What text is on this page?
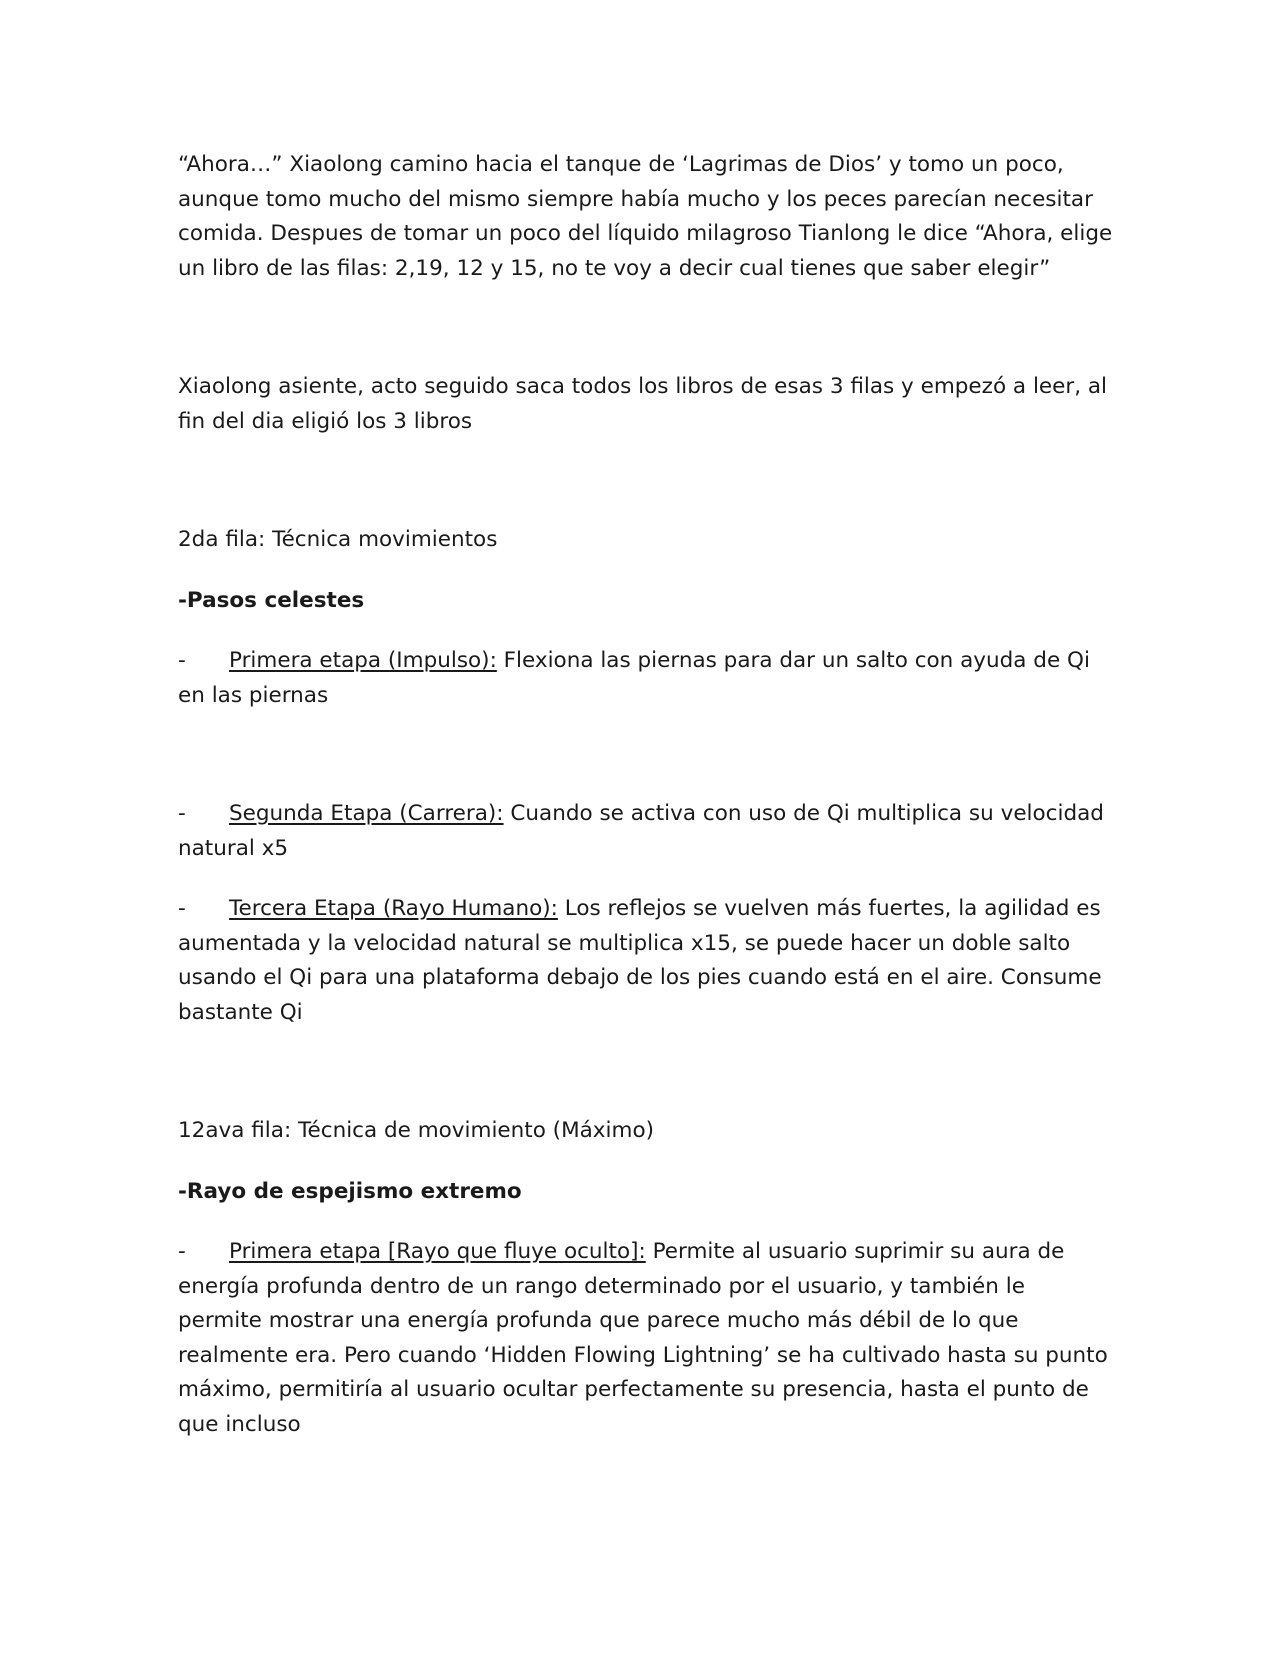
“Ahora…” Xiaolong camino hacia el tanque de ‘Lagrimas de Dios’ y tomo un poco, aunque tomo mucho del mismo siempre había mucho y los peces parecían necesitar comida. Despues de tomar un poco del líquido milagroso Tianlong le dice “Ahora, elige un libro de las filas: 2,19, 12 y 15, no te voy a decir cual tienes que saber elegir”

Xiaolong asiente, acto seguido saca todos los libros de esas 3 filas y empezó a leer, al fin del dia eligió los 3 libros

2da fila: Técnica movimientos

-Pasos celestes

- Primera etapa (Impulso): Flexiona las piernas para dar un salto con ayuda de Qi en las piernas

- Segunda Etapa (Carrera): Cuando se activa con uso de Qi multiplica su velocidad natural x5

- Tercera Etapa (Rayo Humano): Los reflejos se vuelven más fuertes, la agilidad es aumentada y la velocidad natural se multiplica x15, se puede hacer un doble salto usando el Qi para una plataforma debajo de los pies cuando está en el aire. Consume bastante Qi

12ava fila: Técnica de movimiento (Máximo)

-Rayo de espejismo extremo

- Primera etapa [Rayo que fluye oculto]: Permite al usuario suprimir su aura de energía profunda dentro de un rango determinado por el usuario, y también le permite mostrar una energía profunda que parece mucho más débil de lo que realmente era. Pero cuando ‘Hidden Flowing Lightning’ se ha cultivado hasta su punto máximo, permitiría al usuario ocultar perfectamente su presencia, hasta el punto de que incluso
